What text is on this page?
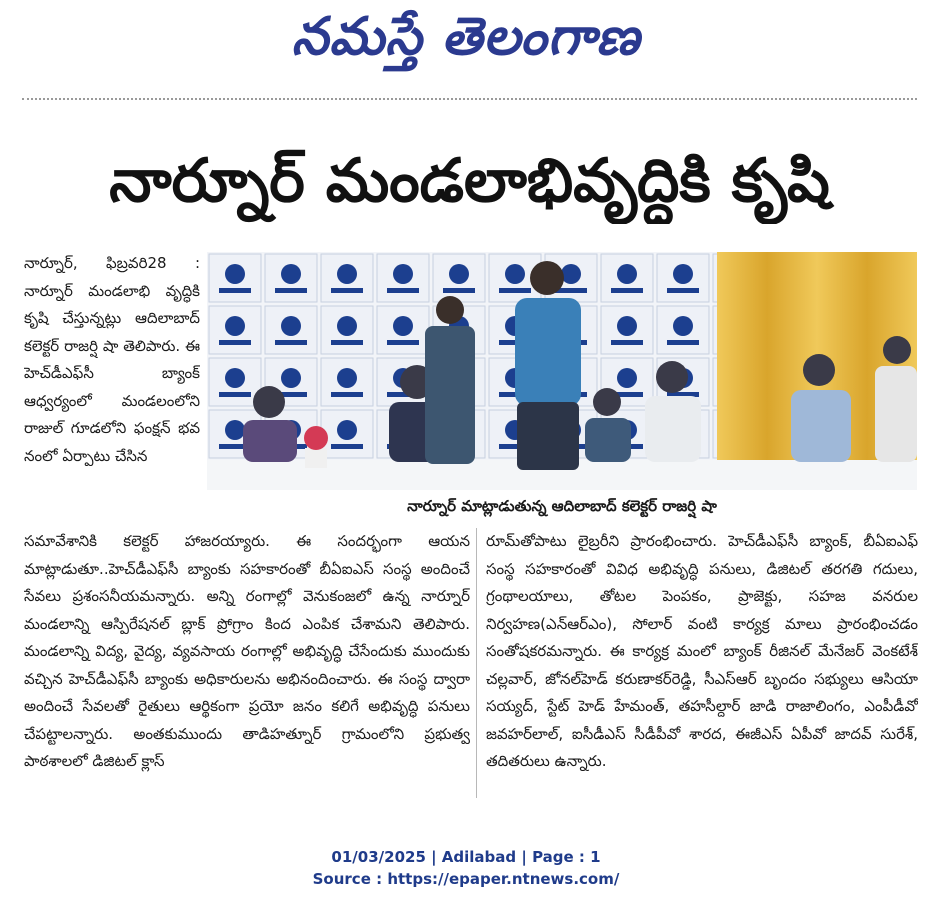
నమస్తే తెలంగాణ
నార్నూర్ మండలాభివృద్ధికి కృషి
నార్నూర్, ఫిబ్రవరి28 : నార్నూర్ మండలాభి వృద్ధికి కృషి చేస్తున్నట్లు ఆదిలాబాద్ కలెక్టర్ రాజర్షి షా తెలిపారు. ఈ హెచ్‌డీఎఫ్‌సీ బ్యాంక్ ఆధ్వర్యంలో మండలంలోని రాజుల్ గూడలోని ఫంక్షన్ భవ నంలో ఏర్పాటు చేసిన
నార్నూర్ మాట్లాడుతున్న ఆదిలాబాద్ కలెక్టర్ రాజర్షి షా
సమావేశానికి కలెక్టర్ హాజరయ్యారు. ఈ సందర్భంగా ఆయన మాట్లాడుతూ..హెచ్‌డీఎఫ్‌సీ బ్యాంకు సహకారంతో బీఏఐఎస్ సంస్థ అందించే సేవలు ప్రశంసనీయమన్నారు. అన్ని రంగాల్లో వెనుకంజలో ఉన్న నార్నూర్ మండలాన్ని ఆస్పిరేషనల్ బ్లాక్ ప్రోగ్రాం కింద ఎంపిక చేశామని తెలిపారు. మండలాన్ని విద్య, వైద్య, వ్యవసాయ రంగాల్లో అభివృద్ధి చేసేందుకు ముందుకు వచ్చిన హెచ్‌డీఎఫ్‌సీ బ్యాంకు అధికారులను అభినందించారు. ఈ సంస్థ ద్వారా అందించే సేవలతో రైతులు ఆర్థికంగా ప్రయో జనం కలిగే అభివృద్ధి పనులు చేపట్టాలన్నారు. అంతకుముందు తాడిహత్నూర్ గ్రామంలోని ప్రభుత్వ పాఠశాలలో డిజిటల్ క్లాస్
రూమ్‌తోపాటు లైబ్రరీని ప్రారంభించారు. హెచ్‌డీఎఫ్‌సీ బ్యాంక్, బీఏఐఎఫ్ సంస్థ సహకారంతో వివిధ అభివృద్ధి పనులు, డిజిటల్ తరగతి గదులు, గ్రంథాలయాలు, తోటల పెంపకం, ప్రాజెక్టు, సహజ వనరుల నిర్వహణ(ఎన్‌ఆర్‌ఎం), సోలార్ వంటి కార్యక్ర మాలు ప్రారంభించడం సంతోషకరమన్నారు. ఈ కార్యక్ర మంలో బ్యాంక్ రీజినల్ మేనేజర్ వెంకటేశ్ చల్లవార్, జోనల్‌హెడ్ కరుణాకర్‌రెడ్డి, సీఎస్‌ఆర్ బృందం సభ్యులు ఆసియా సయ్యద్, స్టేట్ హెడ్ హేమంత్, తహసీల్దార్ జాడి రాజాలింగం, ఎంపీడీవో జవహర్‌లాల్, ఐసీడీఎస్ సీడీపీవో శారద, ఈజీఎస్ ఏపీవో జాదవ్ సురేశ్, తదితరులు ఉన్నారు.
01/03/2025 | Adilabad | Page : 1
Source : https://epaper.ntnews.com/
